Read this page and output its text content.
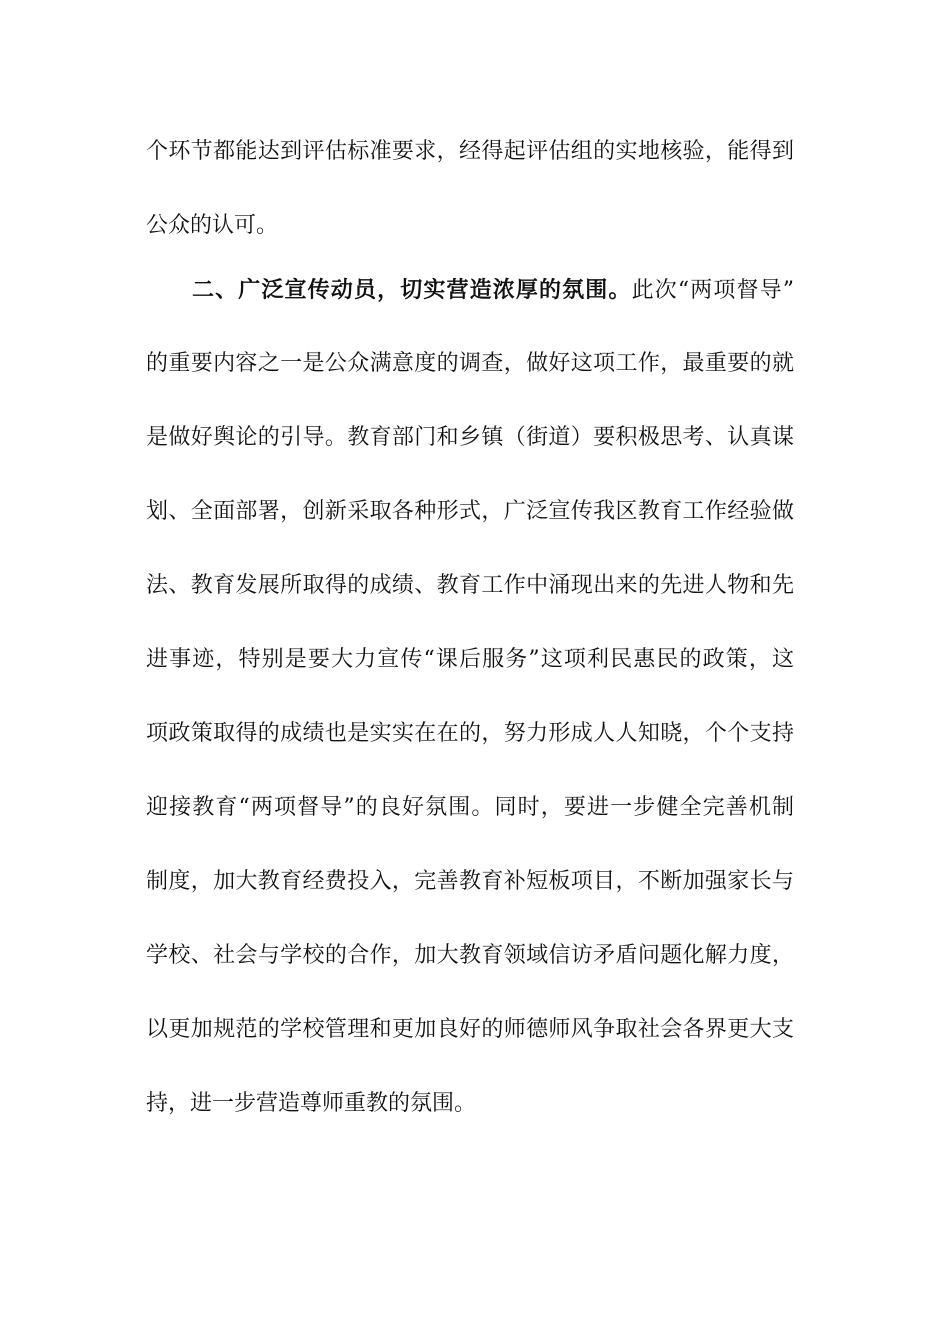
个环节都能达到评估标准要求，经得起评估组的实地核验，能得到
公众的认可。
二、广泛宣传动员，切实营造浓厚的氛围。此次“两项督导”
的重要内容之一是公众满意度的调查，做好这项工作，最重要的就
是做好舆论的引导。教育部门和乡镇（街道）要积极思考、认真谋
划、全面部署，创新采取各种形式，广泛宣传我区教育工作经验做
法、教育发展所取得的成绩、教育工作中涌现出来的先进人物和先
进事迹，特别是要大力宣传“课后服务”这项利民惠民的政策，这
项政策取得的成绩也是实实在在的，努力形成人人知晓，个个支持
迎接教育“两项督导”的良好氛围。同时，要进一步健全完善机制
制度，加大教育经费投入，完善教育补短板项目，不断加强家长与
学校、社会与学校的合作，加大教育领域信访矛盾问题化解力度，
以更加规范的学校管理和更加良好的师德师风争取社会各界更大支
持，进一步营造尊师重教的氛围。
